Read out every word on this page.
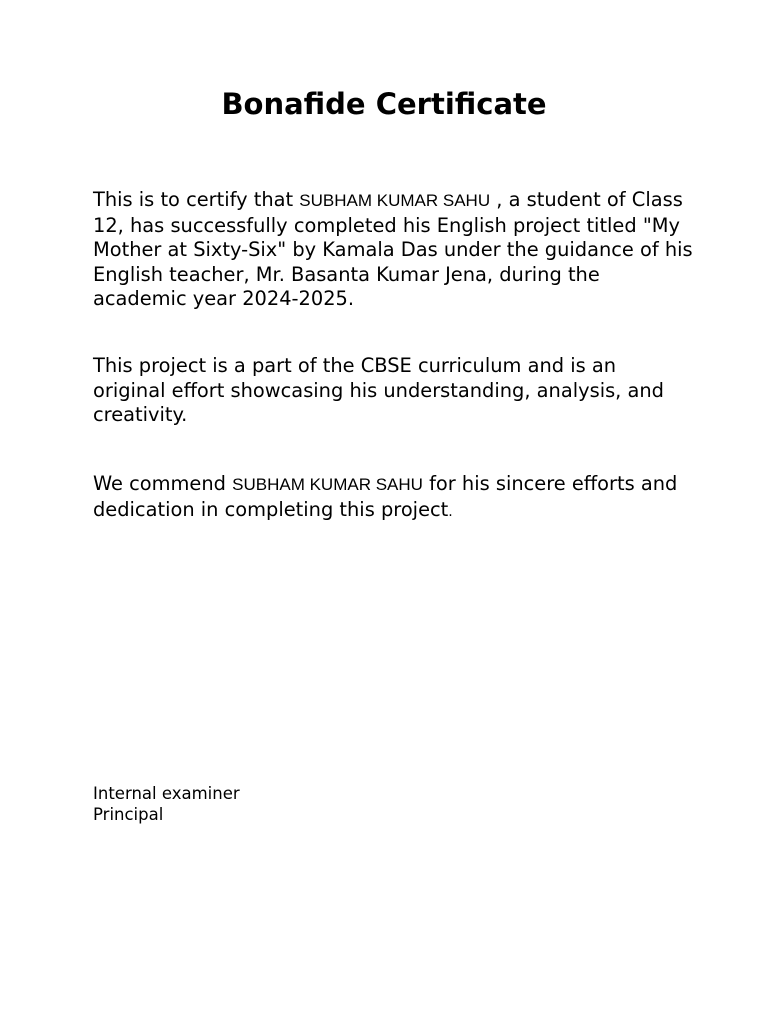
Bonafide Certificate

This is to certify that SUBHAM KUMAR SAHU , a student of Class 12, has successfully completed his English project titled "My Mother at Sixty-Six" by Kamala Das under the guidance of his English teacher, Mr. Basanta Kumar Jena, during the academic year 2024-2025.

This project is a part of the CBSE curriculum and is an original effort showcasing his understanding, analysis, and creativity.

We commend SUBHAM KUMAR SAHU for his sincere efforts and dedication in completing this project.

Internal examiner
Principal
